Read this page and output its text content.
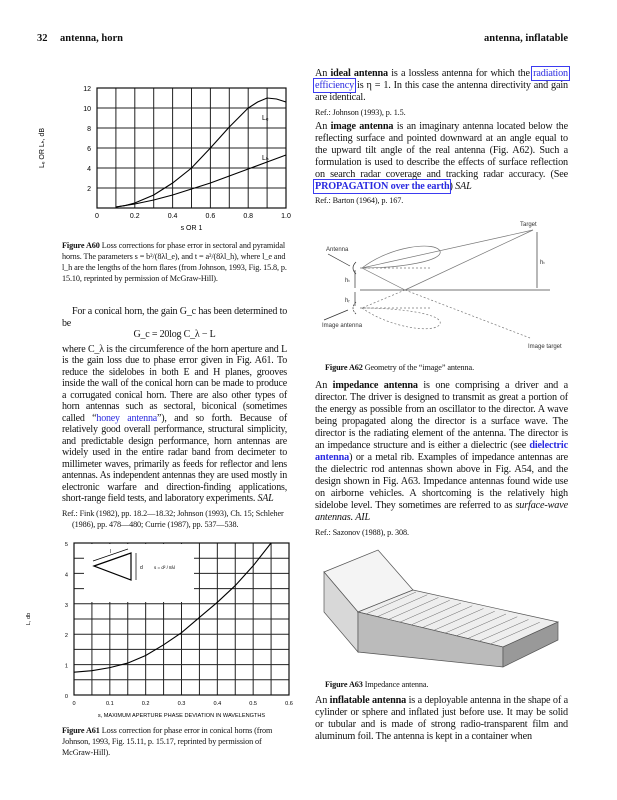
32 antenna, horn	antenna, inflatable
0	0.2	0.4	0.6	0.8	1.0
2
4
6
8
10
12
s OR 1
Lₑ OR Lₕ, dB
Lₑ
Lₕ
Figure A60 Loss corrections for phase error in sectoral and pyramidal horns. The parameters s = b²/(8λl_e), and t = a²/(8λl_h), where l_e and l_h are the lengths of the horn flares (from Johnson, 1993, Fig. 15.8, p. 15.10, reprinted by permission of McGraw-Hill).

For a conical horn, the gain G_c has been determined to be

G_c = 20log C_λ − L

where C_λ is the circumference of the horn aperture and L is the gain loss due to phase error given in Fig. A61. To reduce the sidelobes in both E and H planes, grooves inside the wall of the conical horn can be made to produce a corrugated conical horn. There are also other types of horn antennas such as sectoral, biconical (sometimes called “honey antenna”), and so forth. Because of relatively good overall performance, structural simplicity, and predictable design performance, horn antennas are widely used in the entire radar band from decimeter to millimeter waves, primarily as feeds for reflector and lens antennas. As independent antennas they are used mostly in electronic warfare and direction-finding applications, short-range field tests, and laboratory experiments. SAL

Ref.: Fink (1982), pp. 18.2—18.32; Johnson (1993), Ch. 15; Schleher (1986), pp. 478—480; Currie (1987), pp. 537—538.

0	0.1	0.2	0.3	0.4	0.5	0.6
0
1
2
3
4
5
s, MAXIMUM APERTURE PHASE DEVIATION IN WAVELENGTHS
L, db
l
d s = d² / 8λl
Figure A61 Loss correction for phase error in conical horns (from Johnson, 1993, Fig. 15.11, p. 15.17, reprinted by permission of McGraw-Hill).

An ideal antenna is a lossless antenna for which the radiation efficiency is η = 1. In this case the antenna directivity and gain are identical.

Ref.: Johnson (1993), p. 1.5.

An image antenna is an imaginary antenna located below the reflecting surface and pointed downward at an angle equal to the upward tilt angle of the real antenna (Fig. A62). Such a formulation is used to describe the effects of surface reflection on search radar coverage and tracking radar accuracy. (See PROPAGATION over the earth) SAL

Ref.: Barton (1964), p. 167.

Target
Antenna
Image antenna
Image target
hₜ
hᵣ
hₜ
Figure A62 Geometry of the “image” antenna.

An impedance antenna is one comprising a driver and a director. The driver is designed to transmit as great a portion of the energy as possible from an oscillator to the director. A wave being propagated along the director is a surface wave. The director is the radiating element of the antenna. The director is an impedance structure and is either a dielectric (see dielectric antenna) or a metal rib. Examples of impedance antennas are the dielectric rod antennas shown above in Fig. A54, and the design shown in Fig. A63. Impedance antennas found wide use on airborne vehicles. A shortcoming is the relatively high sidelobe level. They sometimes are referred to as surface-wave antennas. AIL

Ref.: Sazonov (1988), p. 308.

Figure A63 Impedance antenna.

An inflatable antenna is a deployable antenna in the shape of a cylinder or sphere and inflated just before use. It may be solid or tubular and is made of strong radio-transparent film and aluminum foil. The antenna is kept in a container when
